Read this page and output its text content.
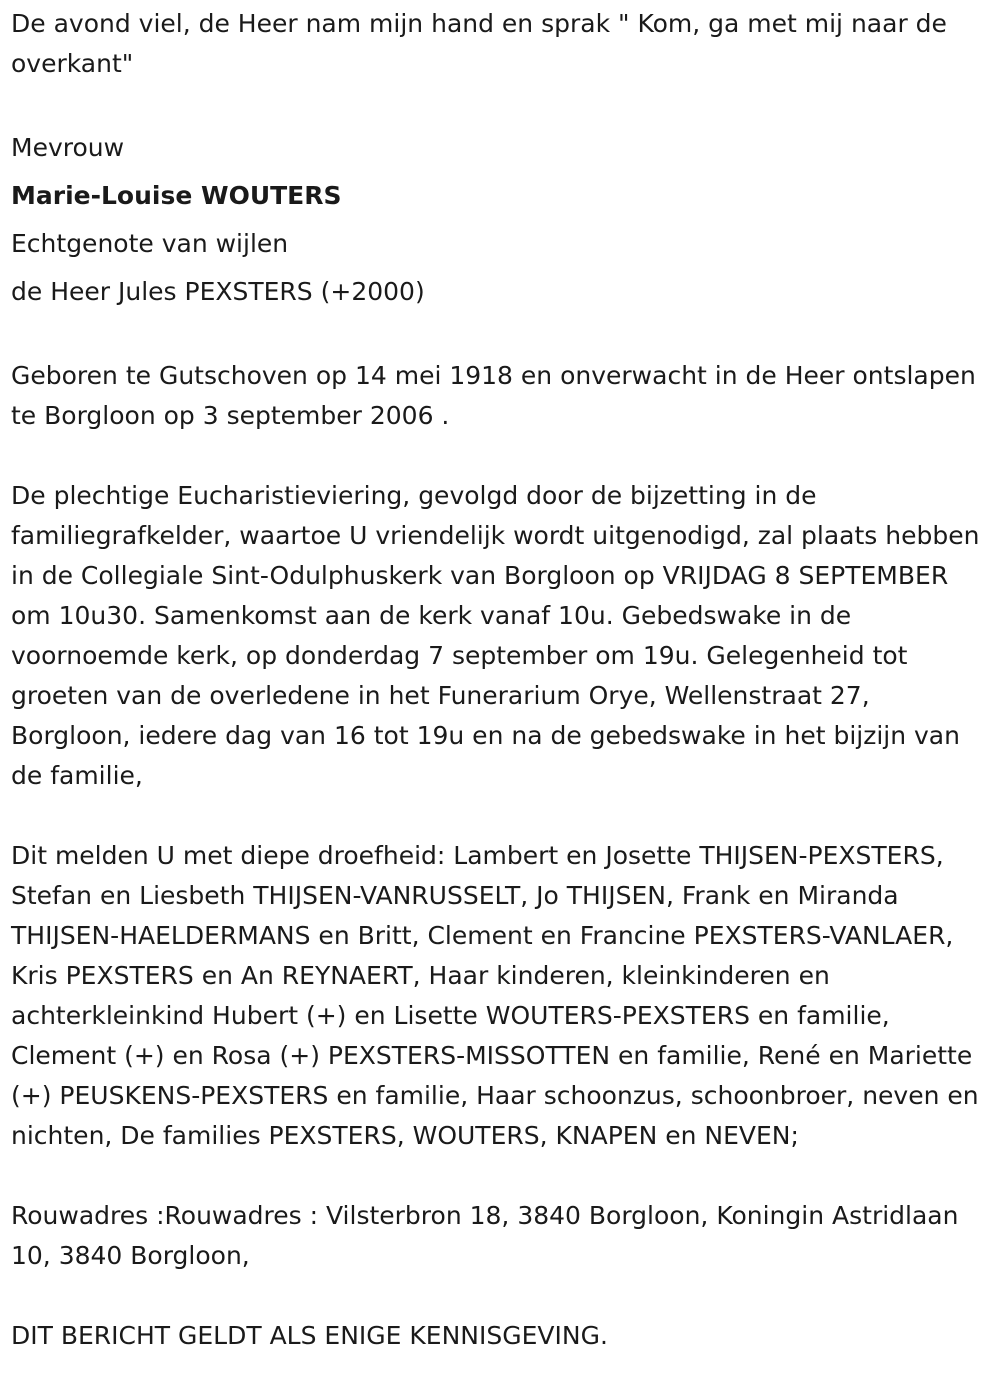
De avond viel, de Heer nam mijn hand en sprak " Kom, ga met mij naar de overkant"

Mevrouw

Marie-Louise WOUTERS

Echtgenote van wijlen

de Heer Jules PEXSTERS (+2000)

Geboren te Gutschoven op 14 mei 1918 en onverwacht in de Heer ontslapen te Borgloon op 3 september 2006 .

De plechtige Eucharistieviering, gevolgd door de bijzetting in de familiegrafkelder, waartoe U vriendelijk wordt uitgenodigd, zal plaats hebben in de Collegiale Sint-Odulphuskerk van Borgloon op VRIJDAG 8 SEPTEMBER om 10u30. Samenkomst aan de kerk vanaf 10u. Gebedswake in de voornoemde kerk, op donderdag 7 september om 19u. Gelegenheid tot groeten van de overledene in het Funerarium Orye, Wellenstraat 27, Borgloon, iedere dag van 16 tot 19u en na de gebedswake in het bijzijn van de familie,

Dit melden U met diepe droefheid: Lambert en Josette THIJSEN-PEXSTERS, Stefan en Liesbeth THIJSEN-VANRUSSELT, Jo THIJSEN, Frank en Miranda THIJSEN-HAELDERMANS en Britt, Clement en Francine PEXSTERS-VANLAER, Kris PEXSTERS en An REYNAERT, Haar kinderen, kleinkinderen en achterkleinkind Hubert (+) en Lisette WOUTERS-PEXSTERS en familie, Clement (+) en Rosa (+) PEXSTERS-MISSOTTEN en familie, René en Mariette (+) PEUSKENS-PEXSTERS en familie, Haar schoonzus, schoonbroer, neven en nichten, De families PEXSTERS, WOUTERS, KNAPEN en NEVEN;

Rouwadres :Rouwadres : Vilsterbron 18, 3840 Borgloon, Koningin Astridlaan 10, 3840 Borgloon,

DIT BERICHT GELDT ALS ENIGE KENNISGEVING.
